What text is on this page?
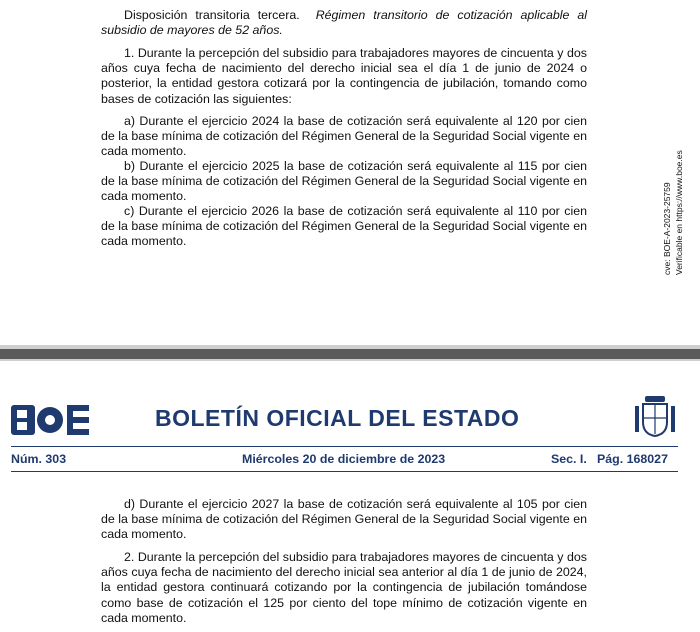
Disposición transitoria tercera. Régimen transitorio de cotización aplicable al subsidio de mayores de 52 años.

1. Durante la percepción del subsidio para trabajadores mayores de cincuenta y dos años cuya fecha de nacimiento del derecho inicial sea el día 1 de junio de 2024 o posterior, la entidad gestora cotizará por la contingencia de jubilación, tomando como bases de cotización las siguientes:

a) Durante el ejercicio 2024 la base de cotización será equivalente al 120 por cien de la base mínima de cotización del Régimen General de la Seguridad Social vigente en cada momento.

b) Durante el ejercicio 2025 la base de cotización será equivalente al 115 por cien de la base mínima de cotización del Régimen General de la Seguridad Social vigente en cada momento.

c) Durante el ejercicio 2026 la base de cotización será equivalente al 110 por cien de la base mínima de cotización del Régimen General de la Seguridad Social vigente en cada momento.	cve: BOE-A-2023-25759 Verificable en https://www.boe.es
BOLETÍN OFICIAL DEL ESTADO
Núm. 303	Miércoles 20 de diciembre de 2023	Sec. I. Pág. 168027

d) Durante el ejercicio 2027 la base de cotización será equivalente al 105 por cien de la base mínima de cotización del Régimen General de la Seguridad Social vigente en cada momento.

2. Durante la percepción del subsidio para trabajadores mayores de cincuenta y dos años cuya fecha de nacimiento del derecho inicial sea anterior al día 1 de junio de 2024, la entidad gestora continuará cotizando por la contingencia de jubilación tomándose como base de cotización el 125 por ciento del tope mínimo de cotización vigente en cada momento.
